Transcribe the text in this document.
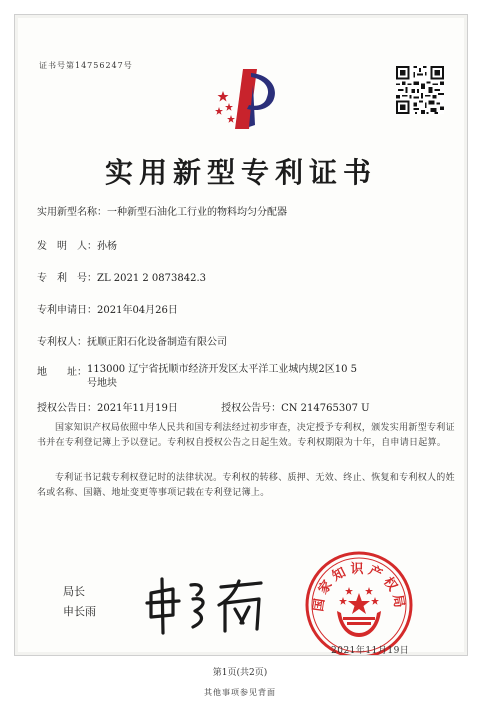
证书号第14756247号
实用新型专利证书
实用新型名称：一种新型石油化工行业的物料均匀分配器
发　明　人：孙杨
专　利　号：ZL 2021 2 0873842.3
专利申请日：2021年04月26日
专利权人：抚顺正阳石化设备制造有限公司
地　　址：113000 辽宁省抚顺市经济开发区太平洋工业城内规2区10 5号地块
授权公告日：2021年11月19日	授权公告号：CN 214765307 U
国家知识产权局依照中华人民共和国专利法经过初步审查，决定授予专利权，颁发实用新型专利证书并在专利登记簿上予以登记。专利权自授权公告之日起生效。专利权期限为十年，自申请日起算。
专利证书记载专利权登记时的法律状况。专利权的转移、质押、无效、终止、恢复和专利权人的姓名或名称、国籍、地址变更等事项记载在专利登记簿上。
局长
申长雨	国家知识产权局
2021年11月19日
第1页(共2页)
其他事项参见背面
